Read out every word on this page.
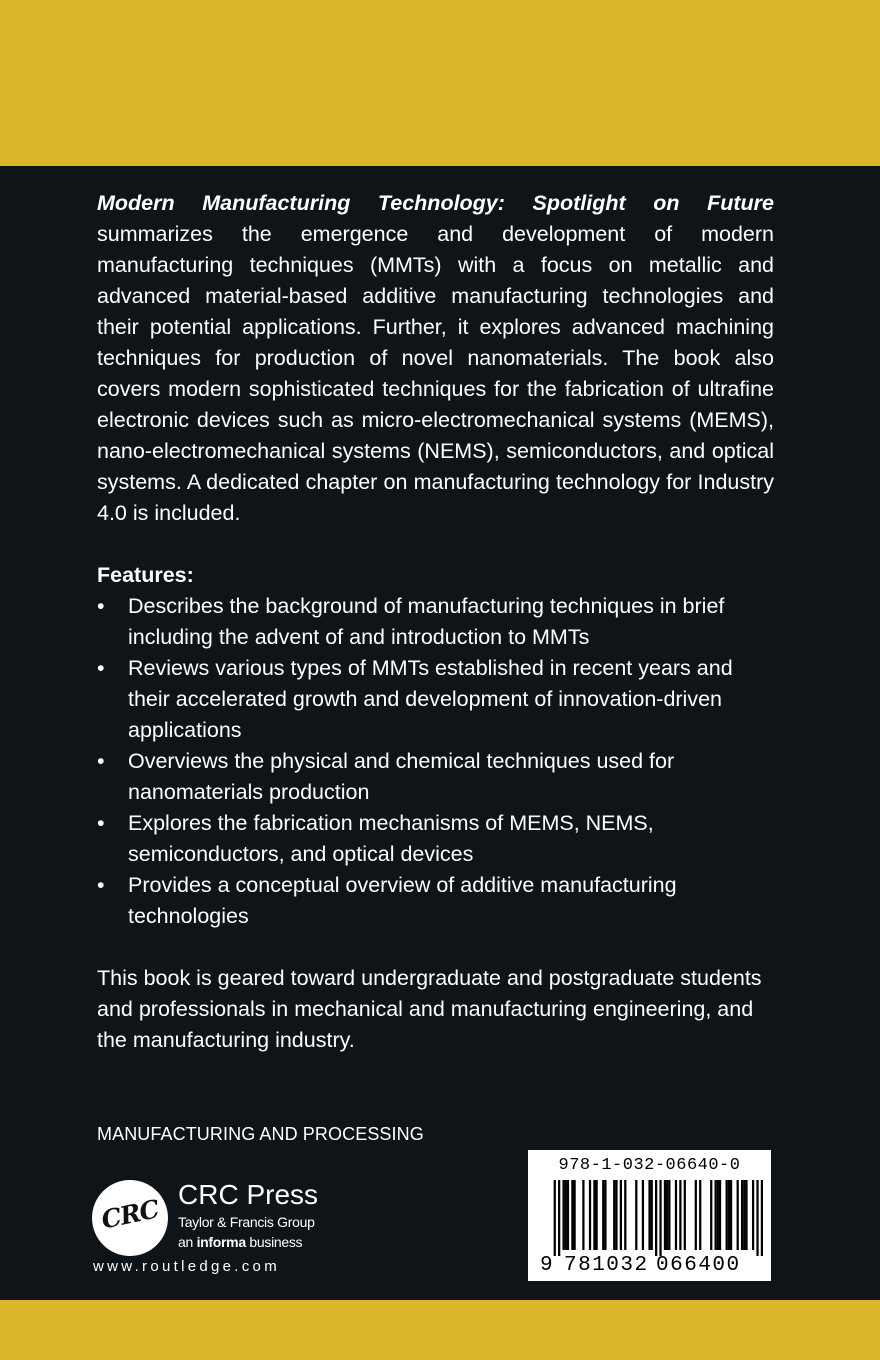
Modern Manufacturing Technology: Spotlight on Future summarizes the emergence and development of modern manufacturing techniques (MMTs) with a focus on metallic and advanced material-based additive manufacturing technologies and their potential applications. Further, it explores advanced machining techniques for production of novel nanomaterials. The book also covers modern sophisticated techniques for the fabrication of ultrafine electronic devices such as micro-electromechanical systems (MEMS), nano-electromechanical systems (NEMS), semiconductors, and optical systems. A dedicated chapter on manufacturing technology for Industry 4.0 is included.

Features:

• Describes the background of manufacturing techniques in brief including the advent of and introduction to MMTs
• Reviews various types of MMTs established in recent years and their accelerated growth and development of innovation-driven applications
• Overviews the physical and chemical techniques used for nanomaterials production
• Explores the fabrication mechanisms of MEMS, NEMS, semiconductors, and optical devices
• Provides a conceptual overview of additive manufacturing technologies

This book is geared toward undergraduate and postgraduate students and professionals in mechanical and manufacturing engineering, and the manufacturing industry.

MANUFACTURING AND PROCESSING
CRC CRC Press
Taylor & Francis Group
an informa business
www.routledge.com
978-1-032-06640-0
9 781032 066400
